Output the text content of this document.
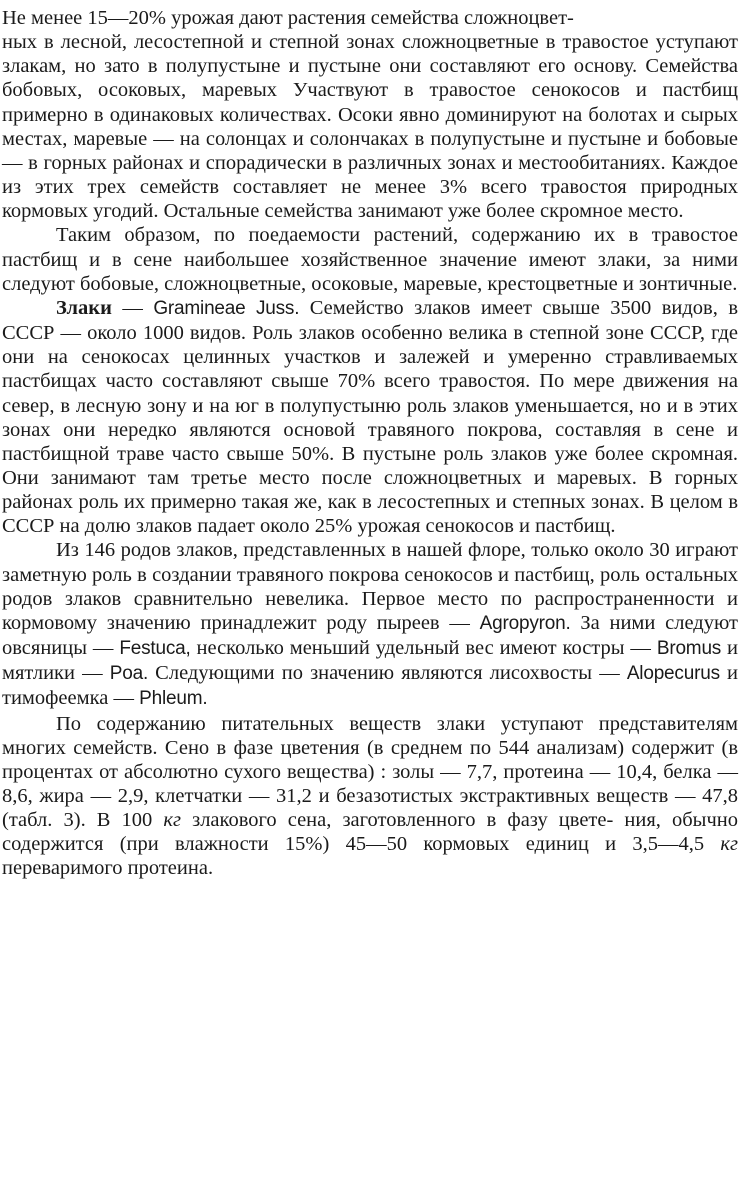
Не менее 15—20% урожая дают растения семейства сложноцвет-

ных в лесной, лесостепной и степной зонах сложноцветные в травостое уступают злакам, но зато в полупустыне и пустыне они составляют его основу. Семейства бобовых, осоковых, маревых Участвуют в травостое сенокосов и пастбищ примерно в одинаковых количествах. Осоки явно доминируют на болотах и сырых местах, маревые — на солонцах и солончаках в полупустыне и пустыне и бобовые — в горных районах и спорадически в различных зонах и местообитаниях. Каждое из этих трех семейств составляет не менее 3% всего травостоя природных кормовых угодий. Остальные семейства занимают уже более скромное место.

Таким образом, по поедаемости растений, содержанию их в травостое пастбищ и в сене наибольшее хозяйственное значение имеют злаки, за ними следуют бобовые, сложноцветные, осоковые, маревые, крестоцветные и зонтичные.

Злаки — Gramineae Juss. Семейство злаков имеет свыше 3500 видов, в СССР — около 1000 видов. Роль злаков особенно велика в степной зоне СССР, где они на сенокосах целинных участков и залежей и умеренно стравливаемых пастбищах часто составляют свыше 70% всего травостоя. По мере движения на север, в лесную зону и на юг в полупустыню роль злаков уменьшается, но и в этих зонах они нередко являются основой травяного покрова, составляя в сене и пастбищной траве часто свыше 50%. В пустыне роль злаков уже более скромная. Они занимают там третье место после сложноцветных и маревых. В горных районах роль их примерно такая же, как в лесостепных и степных зонах. В целом в СССР на долю злаков падает около 25% урожая сенокосов и пастбищ.

Из 146 родов злаков, представленных в нашей флоре, только около 30 играют заметную роль в создании травяного покрова сенокосов и пастбищ, роль остальных родов злаков сравнительно невелика. Первое место по распространенности и кормовому значению принадлежит роду пыреев — Agropyron. За ними следуют овсяницы — Festuca, несколько меньший удельный вес имеют костры — Bromus и мятлики — Poa. Следующими по значению являются лисохвосты — Alopecurus и тимофеемка — Phleum.

По содержанию питательных веществ злаки уступают представителям многих семейств. Сено в фазе цветения (в среднем по 544 анализам) содержит (в процентах от абсолютно сухого вещества) : золы — 7,7, протеина — 10,4, белка — 8,6, жира — 2,9, клетчатки — 31,2 и безазотистых экстрактивных веществ — 47,8 (табл. 3). В 100 кг злакового сена, заготовленного в фазу цвете- ния, обычно содержится (при влажности 15%) 45—50 кормовых единиц и 3,5—4,5 кг переваримого протеина.
